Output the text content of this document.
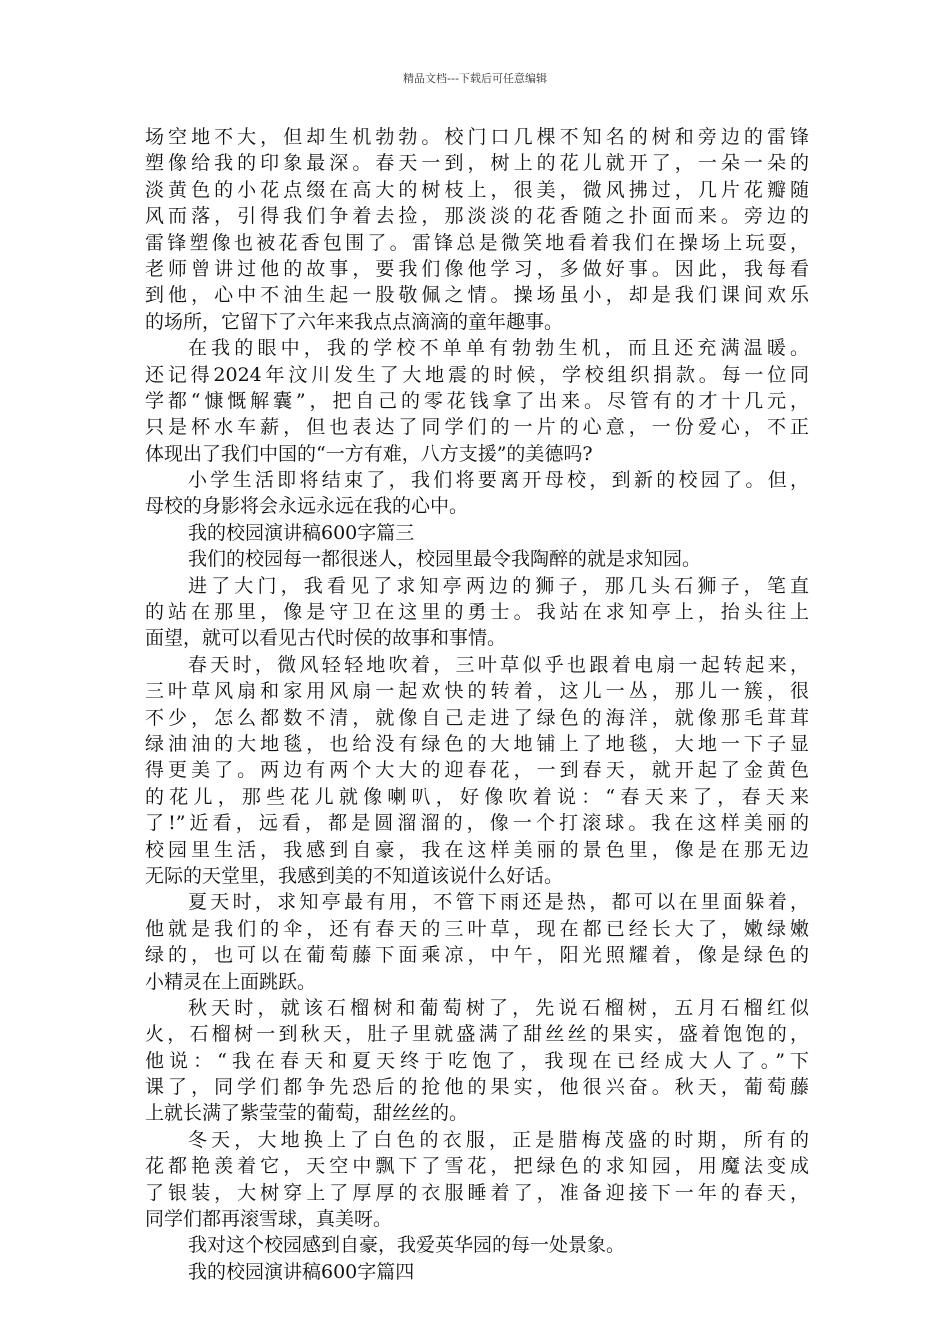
精品文档---下载后可任意编辑
场空地不大，但却生机勃勃。校门口几棵不知名的树和旁边的雷锋
塑像给我的印象最深。春天一到，树上的花儿就开了，一朵一朵的
淡黄色的小花点缀在高大的树枝上，很美，微风拂过，几片花瓣随
风而落，引得我们争着去捡，那淡淡的花香随之扑面而来。旁边的
雷锋塑像也被花香包围了。雷锋总是微笑地看着我们在操场上玩耍，
老师曾讲过他的故事，要我们像他学习，多做好事。因此，我每看
到他，心中不油生起一股敬佩之情。操场虽小，却是我们课间欢乐
的场所，它留下了六年来我点点滴滴的童年趣事。
在我的眼中，我的学校不单单有勃勃生机，而且还充满温暖。
还记得2024年汶川发生了大地震的时候，学校组织捐款。每一位同
学都“慷慨解囊”，把自己的零花钱拿了出来。尽管有的才十几元，
只是杯水车薪，但也表达了同学们的一片的心意，一份爱心，不正
体现出了我们中国的“一方有难，八方支援”的美德吗?
小学生活即将结束了，我们将要离开母校，到新的校园了。但，
母校的身影将会永远永远在我的心中。
我的校园演讲稿600字篇三
我们的校园每一都很迷人，校园里最令我陶醉的就是求知园。
进了大门，我看见了求知亭两边的狮子，那几头石狮子，笔直
的站在那里，像是守卫在这里的勇士。我站在求知亭上，抬头往上
面望，就可以看见古代时侯的故事和事情。
春天时，微风轻轻地吹着，三叶草似乎也跟着电扇一起转起来，
三叶草风扇和家用风扇一起欢快的转着，这儿一丛，那儿一簇，很
不少，怎么都数不清，就像自己走进了绿色的海洋，就像那毛茸茸
绿油油的大地毯，也给没有绿色的大地铺上了地毯，大地一下子显
得更美了。两边有两个大大的迎春花，一到春天，就开起了金黄色
的花儿，那些花儿就像喇叭，好像吹着说：“春天来了，春天来
了!”近看，远看，都是圆溜溜的，像一个打滚球。我在这样美丽的
校园里生活，我感到自豪，我在这样美丽的景色里，像是在那无边
无际的天堂里，我感到美的不知道该说什么好话。
夏天时，求知亭最有用，不管下雨还是热，都可以在里面躲着，
他就是我们的伞，还有春天的三叶草，现在都已经长大了，嫩绿嫩
绿的，也可以在葡萄藤下面乘凉，中午，阳光照耀着，像是绿色的
小精灵在上面跳跃。
秋天时，就该石榴树和葡萄树了，先说石榴树，五月石榴红似
火，石榴树一到秋天，肚子里就盛满了甜丝丝的果实，盛着饱饱的，
他说：“我在春天和夏天终于吃饱了，我现在已经成大人了。”下
课了，同学们都争先恐后的抢他的果实，他很兴奋。秋天，葡萄藤
上就长满了紫莹莹的葡萄，甜丝丝的。
冬天，大地换上了白色的衣服，正是腊梅茂盛的时期，所有的
花都艳羡着它，天空中飘下了雪花，把绿色的求知园，用魔法变成
了银装，大树穿上了厚厚的衣服睡着了，准备迎接下一年的春天，
同学们都再滚雪球，真美呀。
我对这个校园感到自豪，我爱英华园的每一处景象。
我的校园演讲稿600字篇四
